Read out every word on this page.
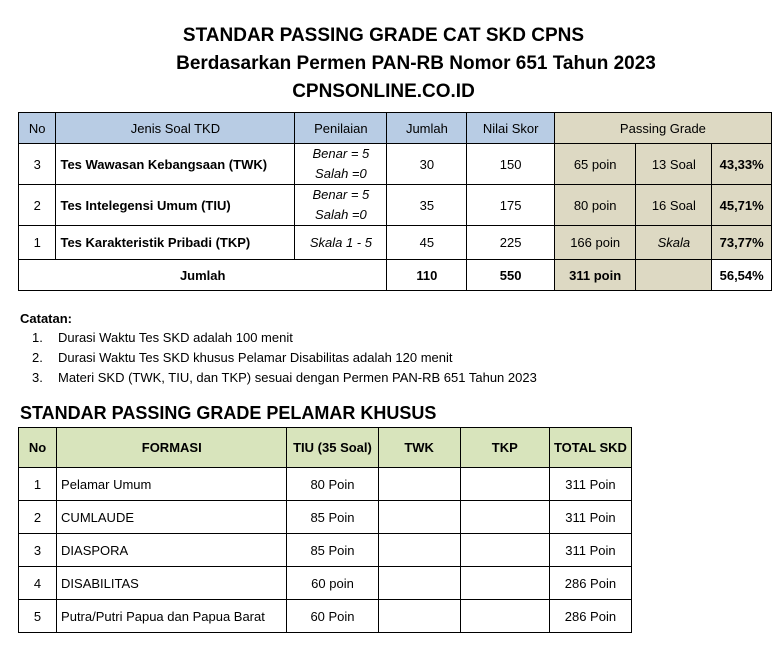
STANDAR PASSING GRADE CAT SKD CPNS
Berdasarkan Permen PAN-RB Nomor 651 Tahun 2023
CPNSONLINE.CO.ID
No	Jenis Soal TKD	Penilaian	Jumlah	Nilai Skor	Passing Grade		
3	Tes Wawasan Kebangsaan (TWK)	Benar = 5
Salah =0	30	150	65 poin	13 Soal	43,33%
2	Tes Intelegensi Umum (TIU)	Benar = 5
Salah =0	35	175	80 poin	16 Soal	45,71%
1	Tes Karakteristik Pribadi (TKP)	Skala 1 - 5	45	225	166 poin	Skala	73,77%
Jumlah			110	550	311 poin		56,54%
Catatan:
1. Durasi Waktu Tes SKD adalah 100 menit
2. Durasi Waktu Tes SKD khusus Pelamar Disabilitas adalah 120 menit
3. Materi SKD (TWK, TIU, dan TKP) sesuai dengan Permen PAN-RB 651 Tahun 2023
STANDAR PASSING GRADE PELAMAR KHUSUS
No	FORMASI	TIU (35 Soal)	TWK	TKP	TOTAL SKD
1	Pelamar Umum	80 Poin			311 Poin
2	CUMLAUDE	85 Poin			311 Poin
3	DIASPORA	85 Poin			311 Poin
4	DISABILITAS	60 poin			286 Poin
5	Putra/Putri Papua dan Papua Barat	60 Poin			286 Poin
